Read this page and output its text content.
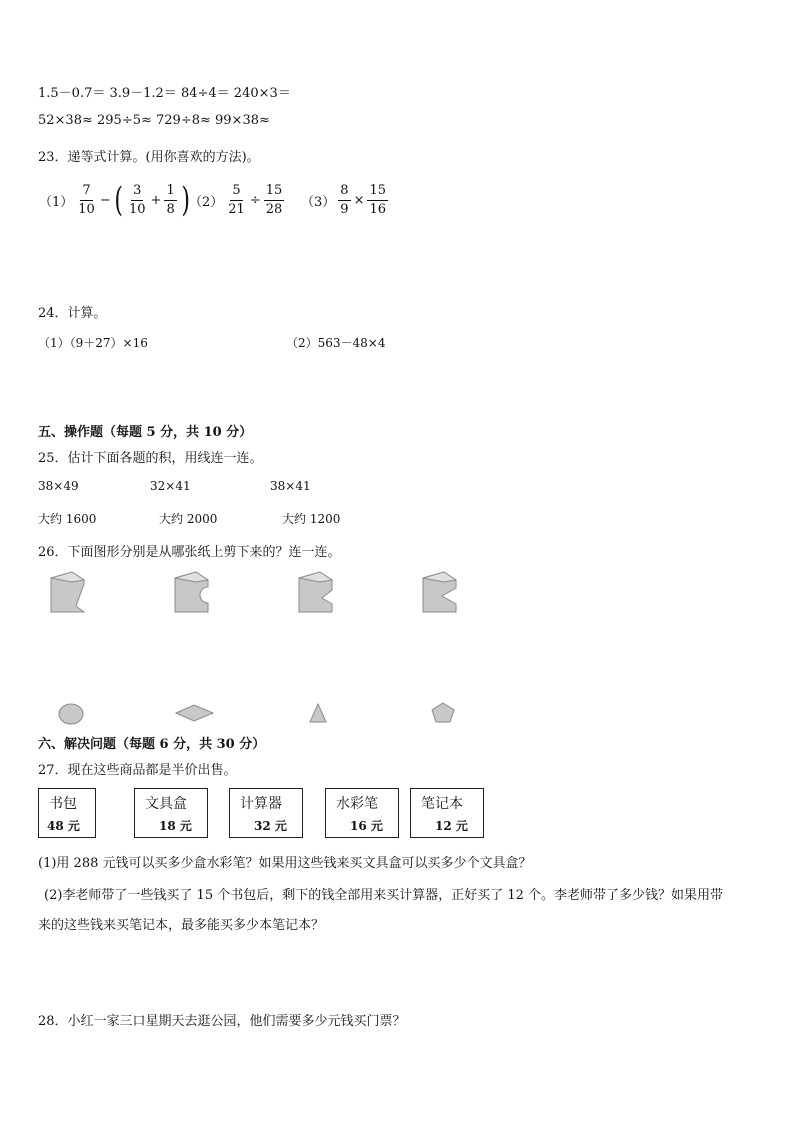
1.5－0.7＝ 3.9－1.2＝ 84÷4＝ 240×3＝
52×38≈ 295÷5≈ 729÷8≈ 99×38≈
23．递等式计算。(用你喜欢的方法)。
$(1) \frac{7}{10}$ − ( $\frac{3}{10} + \frac{1}{8}$ ) $(2) \frac{5}{21} \div \frac{15}{28} (3) \frac{8}{9} \times \frac{15}{16}$
24．计算。
（1）（9＋27）×16	（2）563－48×4
五、操作题（每题 5 分，共 10 分）
25．估计下面各题的积，用线连一连。
38×49	32×41	38×41
大约 1600	大约 2000	大约 1200
26．下面图形分别是从哪张纸上剪下来的？连一连。
六、解决问题（每题 6 分，共 30 分）
27．现在这些商品都是半价出售。
书包
48 元
文具盒
18 元
计算器
32 元
水彩笔
16 元
笔记本
12 元
(1)用 288 元钱可以买多少盒水彩笔？如果用这些钱来买文具盒可以买多少个文具盒？
(2)李老师带了一些钱买了 15 个书包后，剩下的钱全部用来买计算器，正好买了 12 个。李老师带了多少钱？如果用带
来的这些钱来买笔记本，最多能买多少本笔记本？
28．小红一家三口星期天去逛公园，他们需要多少元钱买门票？
